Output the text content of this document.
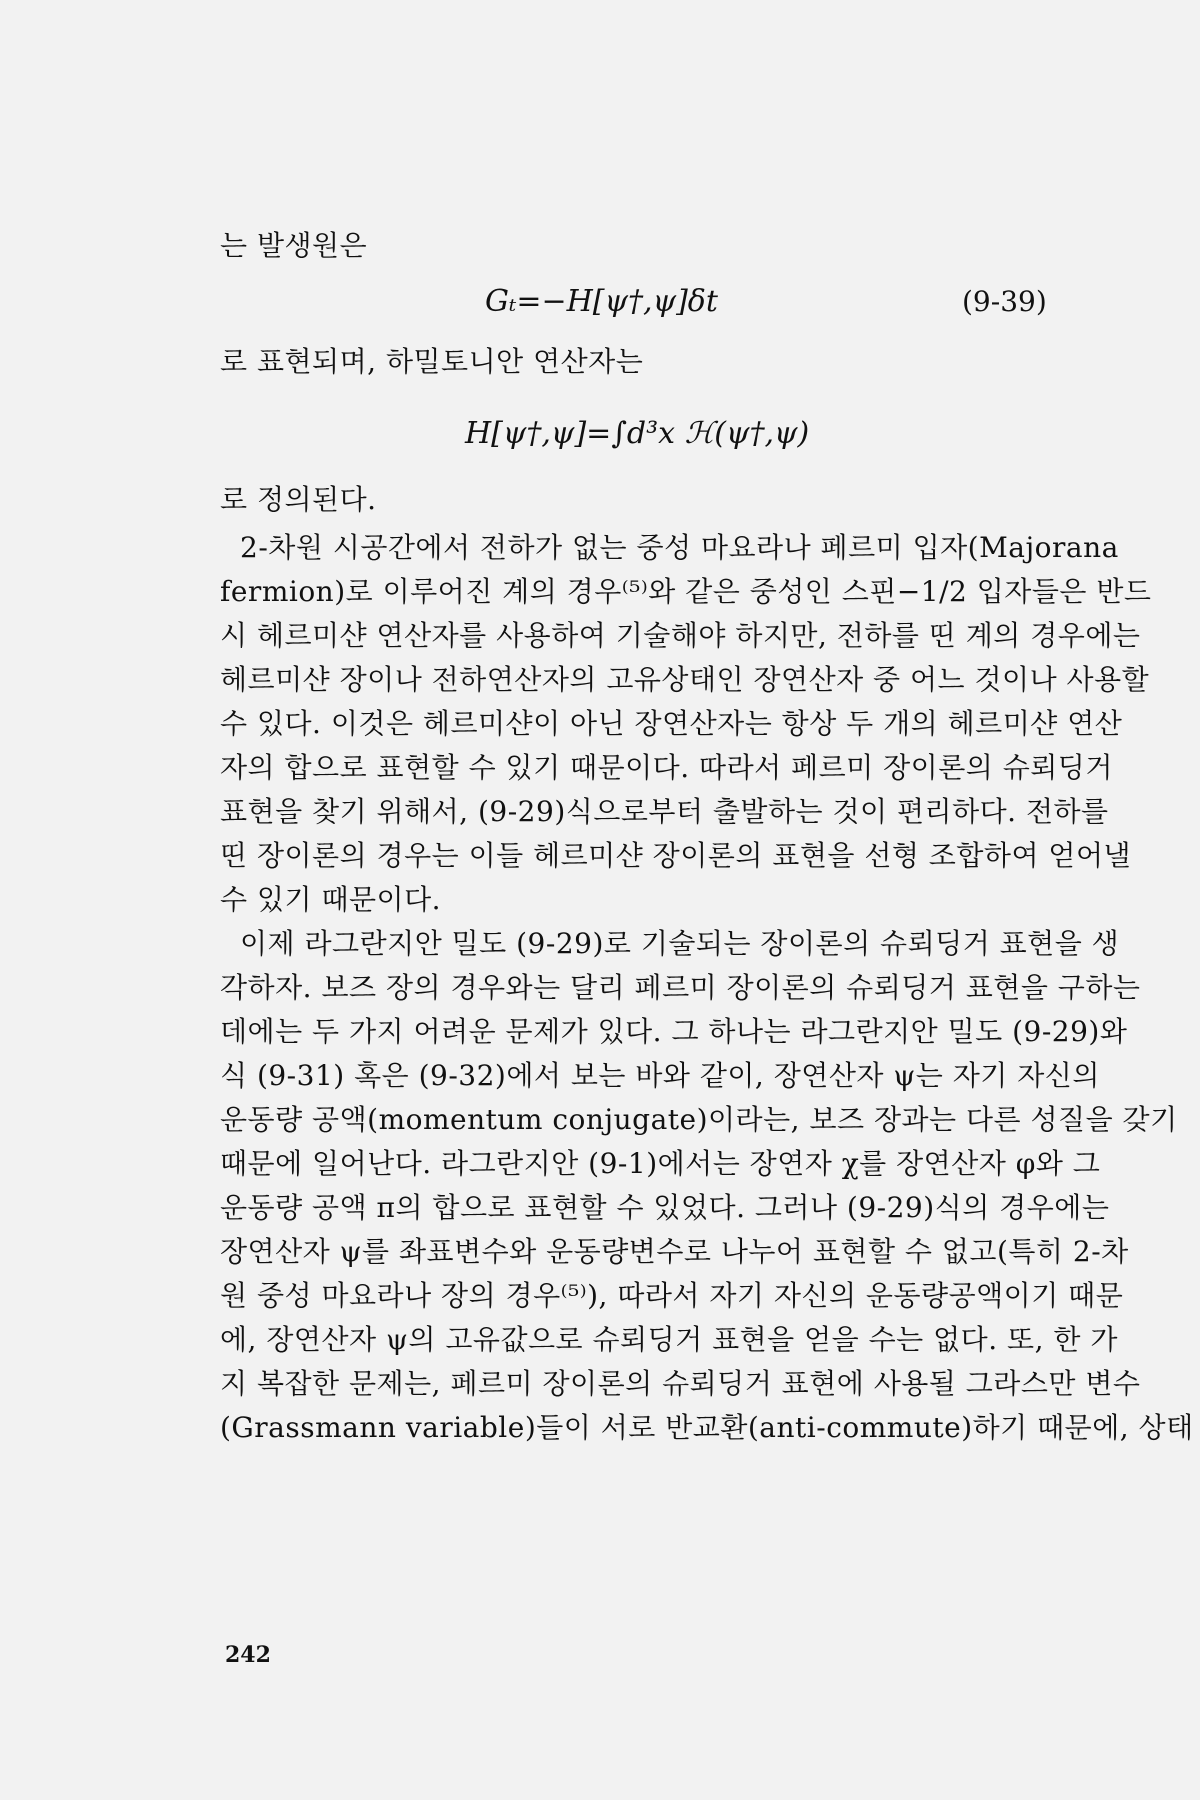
는 발생원은
Gₜ=−H[ψ†,ψ]δt	(9-39)
로 표현되며, 하밀토니안 연산자는
H[ψ†,ψ]=∫d³x ℋ(ψ†,ψ)
로 정의된다.
2-차원 시공간에서 전하가 없는 중성 마요라나 페르미 입자(Majorana
fermion)로 이루어진 계의 경우⁽⁵⁾와 같은 중성인 스핀−1/2 입자들은 반드
시 헤르미샨 연산자를 사용하여 기술해야 하지만, 전하를 띤 계의 경우에는
헤르미샨 장이나 전하연산자의 고유상태인 장연산자 중 어느 것이나 사용할
수 있다. 이것은 헤르미샨이 아닌 장연산자는 항상 두 개의 헤르미샨 연산
자의 합으로 표현할 수 있기 때문이다. 따라서 페르미 장이론의 슈뢰딩거
표현을 찾기 위해서, (9-29)식으로부터 출발하는 것이 편리하다. 전하를
띤 장이론의 경우는 이들 헤르미샨 장이론의 표현을 선형 조합하여 얻어낼
수 있기 때문이다.
이제 라그란지안 밀도 (9-29)로 기술되는 장이론의 슈뢰딩거 표현을 생
각하자. 보즈 장의 경우와는 달리 페르미 장이론의 슈뢰딩거 표현을 구하는
데에는 두 가지 어려운 문제가 있다. 그 하나는 라그란지안 밀도 (9-29)와
식 (9-31) 혹은 (9-32)에서 보는 바와 같이, 장연산자 ψ는 자기 자신의
운동량 공액(momentum conjugate)이라는, 보즈 장과는 다른 성질을 갖기
때문에 일어난다. 라그란지안 (9-1)에서는 장연자 χ를 장연산자 φ와 그
운동량 공액 π의 합으로 표현할 수 있었다. 그러나 (9-29)식의 경우에는
장연산자 ψ를 좌표변수와 운동량변수로 나누어 표현할 수 없고(특히 2-차
원 중성 마요라나 장의 경우⁽⁵⁾), 따라서 자기 자신의 운동량공액이기 때문
에, 장연산자 ψ의 고유값으로 슈뢰딩거 표현을 얻을 수는 없다. 또, 한 가
지 복잡한 문제는, 페르미 장이론의 슈뢰딩거 표현에 사용될 그라스만 변수
(Grassmann variable)들이 서로 반교환(anti-commute)하기 때문에, 상태
242
